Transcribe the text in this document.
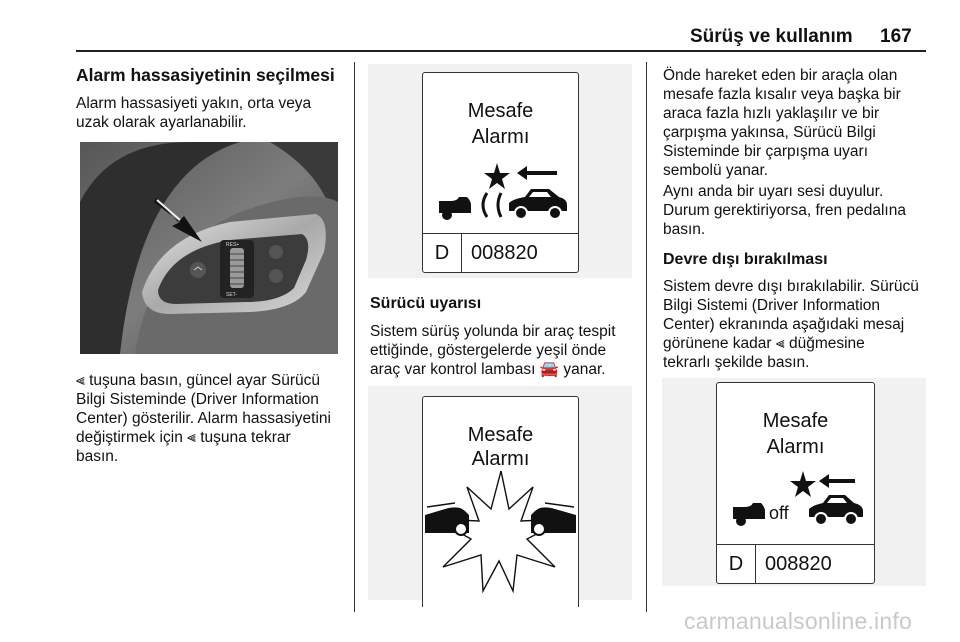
Sürüş ve kullanım 167
Alarm hassasiyetinin seçilmesi
Alarm hassasiyeti yakın, orta veya
uzak olarak ayarlanabilir.
RES+
SET-
⫷ tuşuna basın, güncel ayar Sürücü
Bilgi Sisteminde (Driver Information
Center) gösterilir. Alarm hassasiyetini
değiştirmek için ⫷ tuşuna tekrar
basın.
Mesafe
Alarmı
D	008820
Sürücü uyarısı
Sistem sürüş yolunda bir araç tespit
ettiğinde, göstergelerde yeşil önde
araç var kontrol lambası 🚘 yanar.
Mesafe
Alarmı
Önde hareket eden bir araçla olan
mesafe fazla kısalır veya başka bir
araca fazla hızlı yaklaşılır ve bir
çarpışma yakınsa, Sürücü Bilgi
Sisteminde bir çarpışma uyarı
sembolü yanar.
Aynı anda bir uyarı sesi duyulur.
Durum gerektiriyorsa, fren pedalına
basın.
Devre dışı bırakılması
Sistem devre dışı bırakılabilir. Sürücü
Bilgi Sistemi (Driver Information
Center) ekranında aşağıdaki mesaj
görünene kadar ⫷ düğmesine
tekrarlı şekilde basın.
Mesafe
Alarmı
off
D	008820
carmanualsonline.info
